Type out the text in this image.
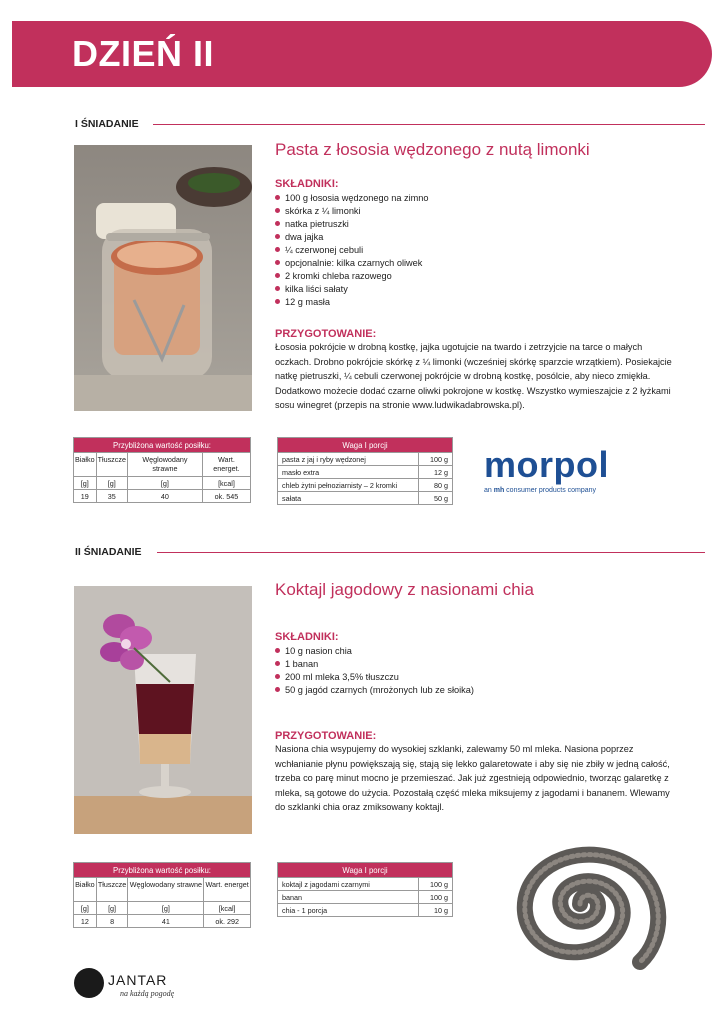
DZIEŃ II
I ŚNIADANIE
Pasta z łososia wędzonego z nutą limonki
SKŁADNIKI:
100 g łososia wędzonego na zimno
skórka z ¼ limonki
natka pietruszki
dwa jajka
¼ czerwonej cebuli
opcjonalnie: kilka czarnych oliwek
2 kromki chleba razowego
kilka liści sałaty
12 g masła
PRZYGOTOWANIE:
Łososia pokrójcie w drobną kostkę, jajka ugotujcie na twardo i zetrzyjcie na tarce o małych oczkach. Drobno pokrójcie skórkę z ¼ limonki (wcześniej skórkę sparzcie wrzątkiem). Posiekajcie natkę pietruszki, ¼ cebuli czerwonej pokrójcie w drobną kostkę, posólcie, aby nieco zmiękła. Dodatkowo możecie dodać czarne oliwki pokrojone w kostkę. Wszystko wymieszajcie z 2 łyżkami sosu winegret (przepis na stronie www.ludwikadabrowska.pl).
Przybliżona wartość posiłku:			
Białko	Tłuszcze	Węglowodany strawne	Wart. energet.
[g]	[g]	[g]	[kcal]
19	35	40	ok. 545
Waga I porcji	
pasta z jaj i ryby wędzonej	100 g
masło extra	12 g
chleb żytni pełnoziarnisty – 2 kromki	80 g
sałata	50 g
morpol
an mh consumer products company
II ŚNIADANIE
Koktajl jagodowy z nasionami chia
SKŁADNIKI:
10 g nasion chia
1 banan
200 ml mleka 3,5% tłuszczu
50 g jagód czarnych (mrożonych lub ze słoika)
PRZYGOTOWANIE:
Nasiona chia wsypujemy do wysokiej szklanki, zalewamy 50 ml mleka. Nasiona poprzez wchłanianie płynu powiększają się, stają się lekko galaretowate i aby się nie zbiły w jedną całość, trzeba co parę minut mocno je przemieszać. Jak już zgestnieją odpowiednio, tworząc galaretkę z mleka, są gotowe do użycia. Pozostałą część mleka miksujemy z jagodami i bananem. Wlewamy do szklanki chia oraz zmiksowany koktajl.
Przybliżona wartość posiłku:			
Białko	Tłuszcze	Węglowodany strawne	Wart. energet
[g]	[g]	[g]	[kcal]
12	8	41	ok. 292
Waga I porcji	
koktajl z jagodami czarnymi	100 g
banan	100 g
chia - 1 porcja	10 g
JANTAR
na każdą pogodę
